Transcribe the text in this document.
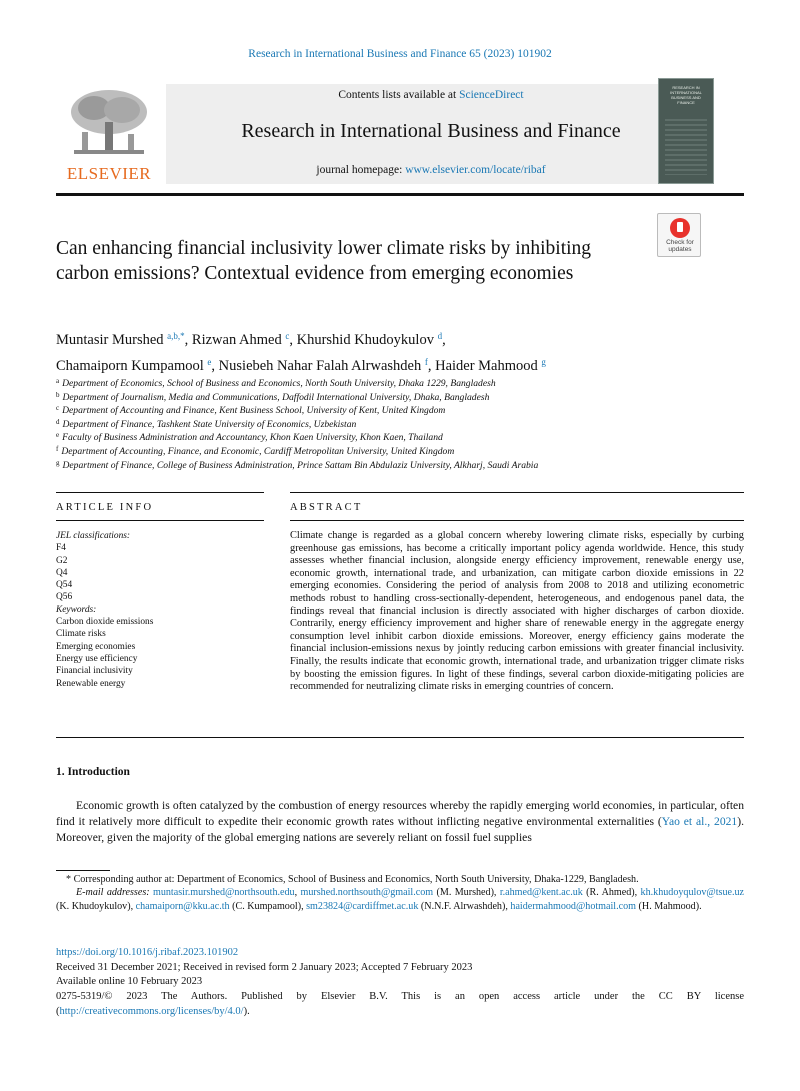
Research in International Business and Finance 65 (2023) 101902
ELSEVIER
Contents lists available at ScienceDirect
Research in International Business and Finance
journal homepage: www.elsevier.com/locate/ribaf
RESEARCH IN INTERNATIONAL BUSINESS AND FINANCE
Check for
updates
Can enhancing financial inclusivity lower climate risks by inhibiting carbon emissions? Contextual evidence from emerging economies
Muntasir Murshed $^{a,b,*}$, Rizwan Ahmed $^c$, Khurshid Khudoykulov $^d$,
Chamaiporn Kumpamool $^e$, Nusiebeh Nahar Falah Alrwashdeh $^f$, Haider Mahmood $^g$
$^a$ Department of Economics, School of Business and Economics, North South University, Dhaka 1229, Bangladesh
$^b$ Department of Journalism, Media and Communications, Daffodil International University, Dhaka, Bangladesh
$^c$ Department of Accounting and Finance, Kent Business School, University of Kent, United Kingdom
$^d$ Department of Finance, Tashkent State University of Economics, Uzbekistan
$^e$ Faculty of Business Administration and Accountancy, Khon Kaen University, Khon Kaen, Thailand
$^f$ Department of Accounting, Finance, and Economic, Cardiff Metropolitan University, United Kingdom
$^g$ Department of Finance, College of Business Administration, Prince Sattam Bin Abdulaziz University, Alkharj, Saudi Arabia
ARTICLE INFO	ABSTRACT
JEL classifications:
F4
G2
Q4
Q54
Q56
Keywords:
Carbon dioxide emissions
Climate risks
Emerging economies
Energy use efficiency
Financial inclusivity
Renewable energy
Climate change is regarded as a global concern whereby lowering climate risks, especially by curbing greenhouse gas emissions, has become a critically important policy agenda worldwide. Hence, this study assesses whether financial inclusion, alongside energy efficiency improvement, renewable energy use, economic growth, international trade, and urbanization, can mitigate carbon dioxide emissions in 22 emerging economies. Considering the period of analysis from 2008 to 2018 and utilizing econometric methods robust to handling cross-sectionally-dependent, heterogeneous, and endogenous panel data, the findings reveal that financial inclusion is directly associated with higher discharges of carbon dioxide. Contrarily, energy efficiency improvement and higher share of renewable energy in the aggregate energy consumption level inhibit carbon dioxide emissions. Moreover, energy efficiency gains moderate the financial inclusion-emissions nexus by jointly reducing carbon emissions with greater financial inclusivity. Finally, the results indicate that economic growth, international trade, and urbanization trigger climate risks by boosting the emission figures. In light of these findings, several carbon dioxide-mitigating policies are recommended for neutralizing climate risks in emerging countries of concern.
1. Introduction
Economic growth is often catalyzed by the combustion of energy resources whereby the rapidly emerging world economies, in particular, often find it relatively more difficult to expedite their economic growth rates without inflicting negative environmental externalities (Yao et al., 2021). Moreover, given the majority of the global emerging nations are severely reliant on fossil fuel supplies
* Corresponding author at: Department of Economics, School of Business and Economics, North South University, Dhaka-1229, Bangladesh.
E-mail addresses: muntasir.murshed@northsouth.edu, murshed.northsouth@gmail.com (M. Murshed), r.ahmed@kent.ac.uk (R. Ahmed), kh.khudoyqulov@tsue.uz (K. Khudoykulov), chamaiporn@kku.ac.th (C. Kumpamool), sm23824@cardiffmet.ac.uk (N.N.F. Alrwashdeh), haidermahmood@hotmail.com (H. Mahmood).
https://doi.org/10.1016/j.ribaf.2023.101902
Received 31 December 2021; Received in revised form 2 January 2023; Accepted 7 February 2023
Available online 10 February 2023
0275-5319/© 2023 The Authors. Published by Elsevier B.V. This is an open access article under the CC BY license
(http://creativecommons.org/licenses/by/4.0/).
